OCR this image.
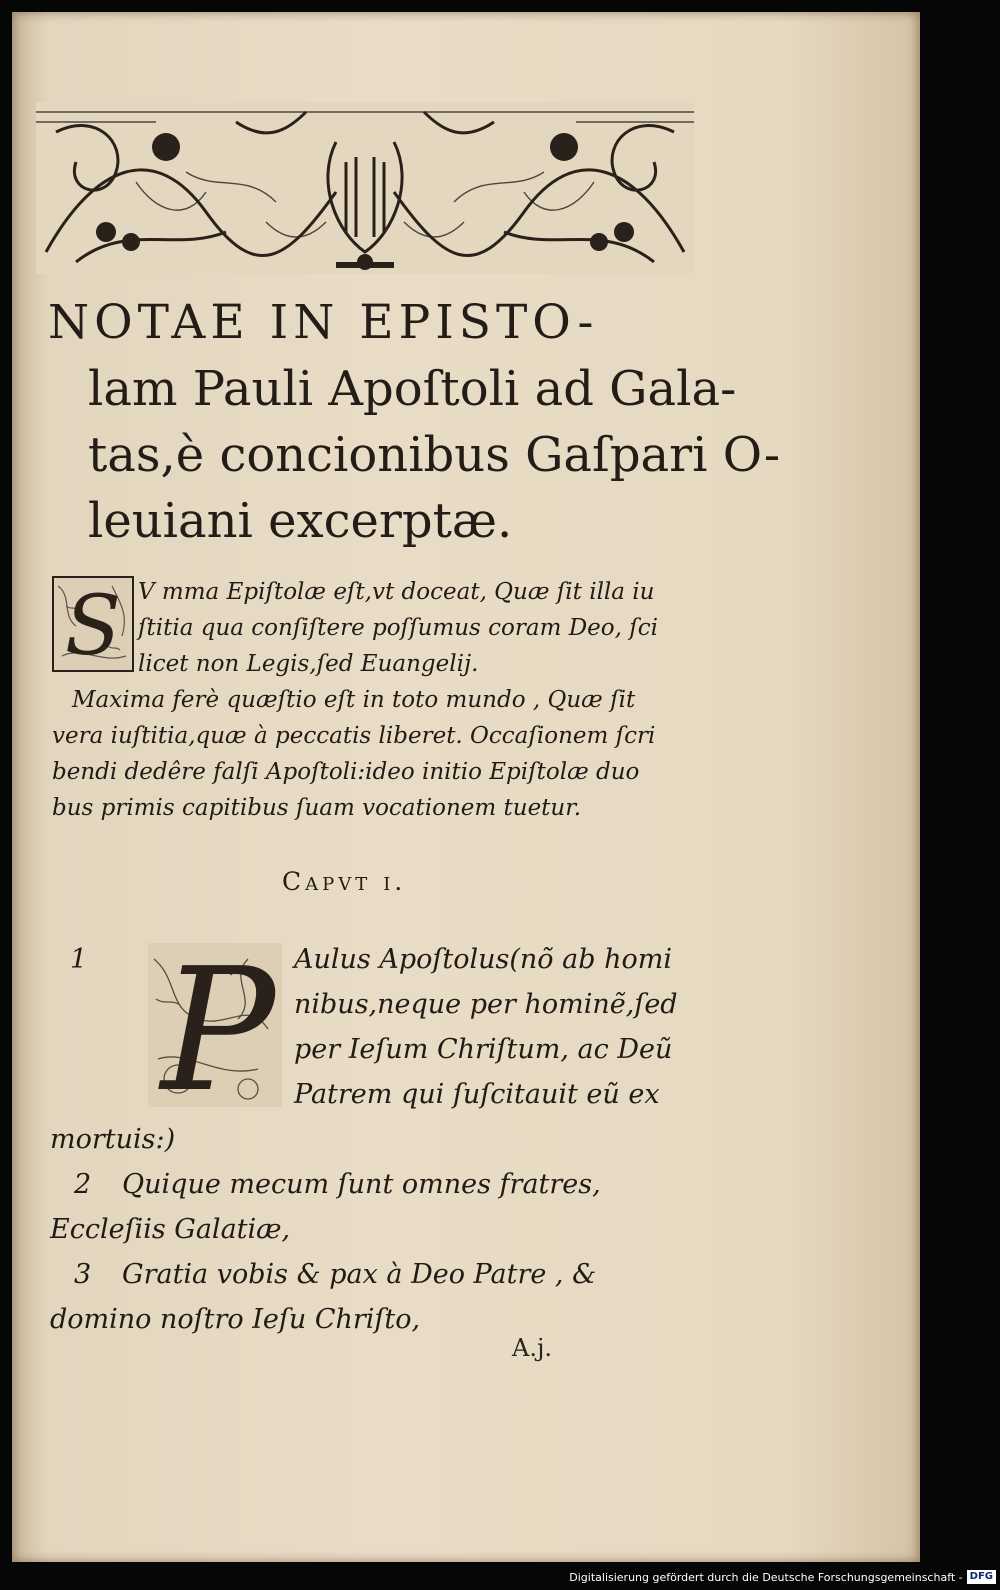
NOTAE IN EPISTO-
lam Pauli Apoſtoli ad Gala-
tas,è concionibus Gaſpari O-
leuiani excerptæ.
S V mma Epiſtolæ eſt,vt doceat, Quæ ſit illa iu
ſtitia qua conſiſtere poſſumus coram Deo, ſci
licet non Legis,ſed Euangelij.
Maxima ferè quæſtio eſt in toto mundo , Quæ ſit
vera iuſtitia,quæ à peccatis liberet. Occaſionem ſcri
bendi dedêre falſi Apoſtoli:ideo initio Epiſtolæ duo
bus primis capitibus ſuam vocationem tuetur.
Capvt i.
P
1	Aulus Apoſtolus(nõ ab homi
nibus,neque per hominẽ,ſed
per Ieſum Chriſtum, ac Deũ
Patrem qui ſuſcitauit eũ ex
mortuis:)
2 Quique mecum ſunt omnes fratres,
Eccleſiis Galatiæ,
3 Gratia vobis & pax à Deo Patre , &
domino noſtro Ieſu Chriſto,
A.j.
Digitalisierung gefördert durch die Deutsche Forschungsgemeinschaft - DFG
